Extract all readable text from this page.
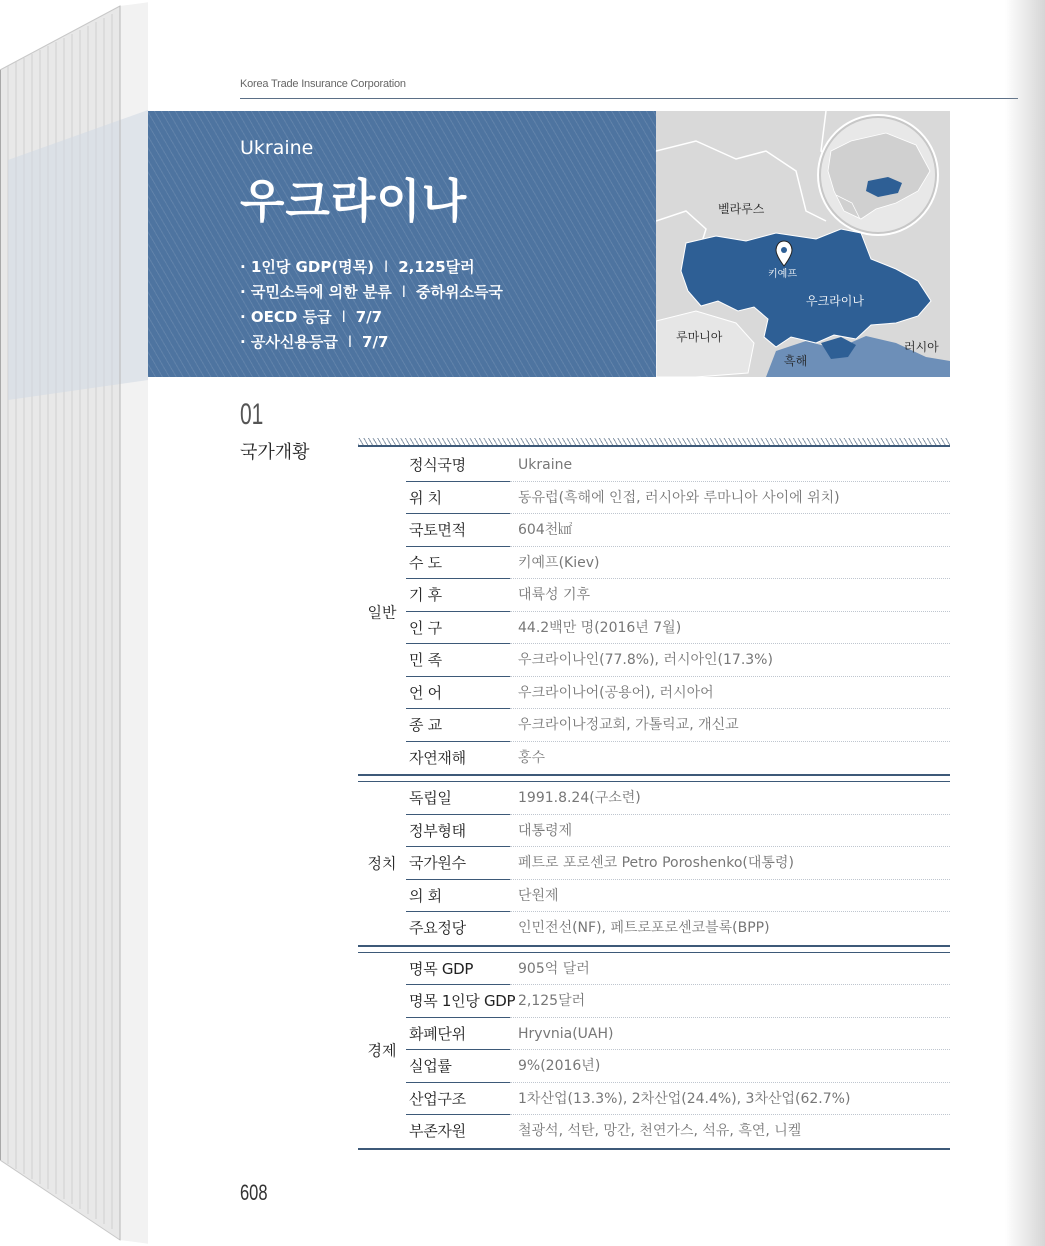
Korea Trade Insurance Corporation
Ukraine
우크라이나
· 1인당 GDP(명목) l 2,125달러
· 국민소득에 의한 분류 l 중하위소득국
· OECD 등급 l 7/7
· 공사신용등급 l 7/7
벨라루스
키예프
우크라이나
루마니아
흑해
러시아
01
국가개황
일반
정식국명	Ukraine
위 치	동유럽(흑해에 인접, 러시아와 루마니아 사이에 위치)
국토면적	604천㎢
수 도	키예프(Kiev)
기 후	대륙성 기후
인 구	44.2백만 명(2016년 7월)
민 족	우크라이나인(77.8%), 러시아인(17.3%)
언 어	우크라이나어(공용어), 러시아어
종 교	우크라이나정교회, 가톨릭교, 개신교
자연재해	홍수
정치
독립일	1991.8.24(구소련)
정부형태	대통령제
국가원수	페트로 포로센코 Petro Poroshenko(대통령)
의 회	단원제
주요정당	인민전선(NF), 페트로포로센코블록(BPP)
경제
명목 GDP	905억 달러
명목 1인당 GDP 2,125달러
화폐단위	Hryvnia(UAH)
실업률	9%(2016년)
산업구조	1차산업(13.3%), 2차산업(24.4%), 3차산업(62.7%)
부존자원	철광석, 석탄, 망간, 천연가스, 석유, 흑연, 니켈
608
